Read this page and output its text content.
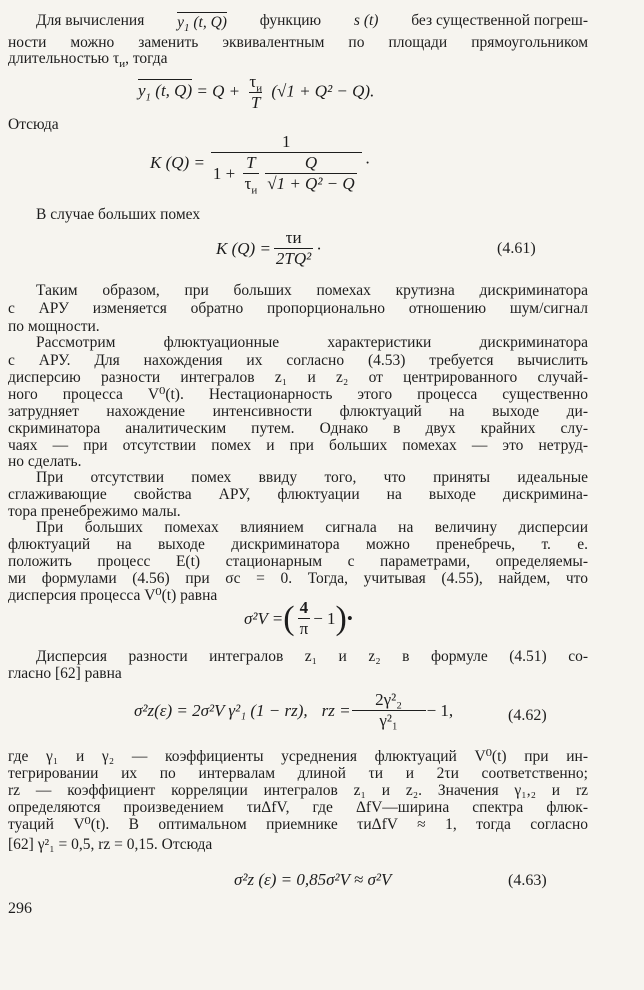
Для вычисления $y_1$ (t, Q) функцию s (t) без существенной погреш-
ности можно заменить эквивалентным по площади прямоугольником
длительностью $\tau_и$, тогда
$y_1$ (t, $Q) = Q + \frac{\tau_и}{T} (√1 + Q^2 - Q)$.
Отсюда
K $(Q) = \frac{1}{1 + \frac{T}{\tau_и} \frac{Q}{\text{√1 + Q² − Q}}}$ ·
В случае больших помех
K $(Q) = \frac{\tau и}{\text{2TQ²}}$ ·	(4.61)
Таким образом, при больших помехах крутизна дискриминатора
с АРУ изменяется обратно пропорционально отношению шум/сигнал
по мощности.
Рассмотрим флюктуационные характеристики дискриминатора
с АРУ. Для нахождения их согласно (4.53) требуется вычислить
дисперсию разности интегралов z₁ и z₂ от центрированного случай-
ного процесса V⁰(t). Нестационарность этого процесса существенно
затрудняет нахождение интенсивности флюктуаций на выходе ди-
скриминатора аналитическим путем. Однако в двух крайних слу-
чаях — при отсутствии помех и при больших помехах — это нетруд-
но сделать.
При отсутствии помех ввиду того, что приняты идеальные
сглаживающие свойства АРУ, флюктуации на выходе дискримина-
тора пренебрежимо малы.
При больших помехах влиянием сигнала на величину дисперсии
флюктуаций на выходе дискриминатора можно пренебречь, т. е.
положить процесс E(t) стационарным с параметрами, определяемы-
ми формулами (4.56) при σc = 0. Тогда, учитывая (4.55), найдем, что
дисперсия процесса V⁰(t) равна
σ²V = ( $\frac{4}{\pi} - 1$ ) •
Дисперсия разности интегралов z₁ и z₂ в формуле (4.51) со-
гласно [62] равна
σ²z(ε) = 2σ²V γ²₁ (1 − rz), rz = $\frac{\text{2γ²₂}}{\text{γ²₁}} - 1$,	(4.62)
где γ₁ и γ₂ — коэффициенты усреднения флюктуаций V⁰(t) при ин-
тегрировании их по интервалам длиной τи и 2τи соответственно;
rz — коэффициент корреляции интегралов z₁ и z₂. Значения γ₁,₂ и rz
определяются произведением τиΔfV, где ΔfV—ширина спектра флюк-
туаций V⁰(t). В оптимальном приемнике τиΔfV ≈ 1, тогда согласно
[62] γ²₁ = 0,5, rz = 0,15. Отсюда
σ²z (ε) = 0,85σ²V ≈ σ²V	(4.63)
296
